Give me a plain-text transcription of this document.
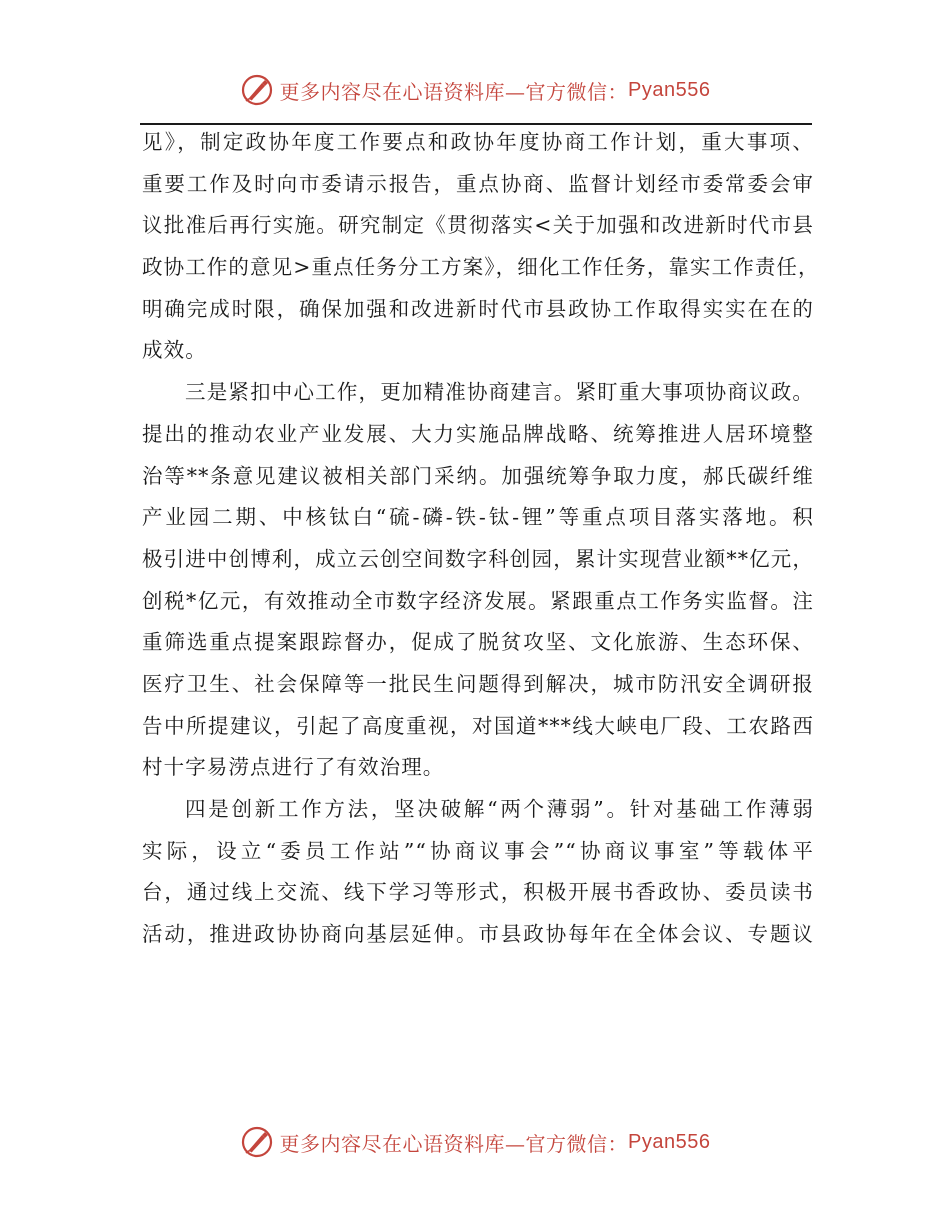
更多内容尽在心语资料库—官方微信： Pyan556
见》，制定政协年度工作要点和政协年度协商工作计划，重大事项、
重要工作及时向市委请示报告，重点协商、监督计划经市委常委会审
议批准后再行实施。研究制定《贯彻落实<关于加强和改进新时代市县
政协工作的意见>重点任务分工方案》，细化工作任务，靠实工作责任，
明确完成时限，确保加强和改进新时代市县政协工作取得实实在在的
成效。
三是紧扣中心工作，更加精准协商建言。紧盯重大事项协商议政。
提出的推动农业产业发展、大力实施品牌战略、统筹推进人居环境整
治等**条意见建议被相关部门采纳。加强统筹争取力度，郝氏碳纤维
产业园二期、中核钛白“硫-磷-铁-钛-锂”等重点项目落实落地。积
极引进中创博利，成立云创空间数字科创园，累计实现营业额**亿元，
创税*亿元，有效推动全市数字经济发展。紧跟重点工作务实监督。注
重筛选重点提案跟踪督办，促成了脱贫攻坚、文化旅游、生态环保、
医疗卫生、社会保障等一批民生问题得到解决，城市防汛安全调研报
告中所提建议，引起了高度重视，对国道***线大峡电厂段、工农路西
村十字易涝点进行了有效治理。
四是创新工作方法，坚决破解“两个薄弱”。针对基础工作薄弱
实际，设立“委员工作站”“协商议事会”“协商议事室”等载体平
台，通过线上交流、线下学习等形式，积极开展书香政协、委员读书
活动，推进政协协商向基层延伸。市县政协每年在全体会议、专题议
更多内容尽在心语资料库—官方微信： Pyan556
